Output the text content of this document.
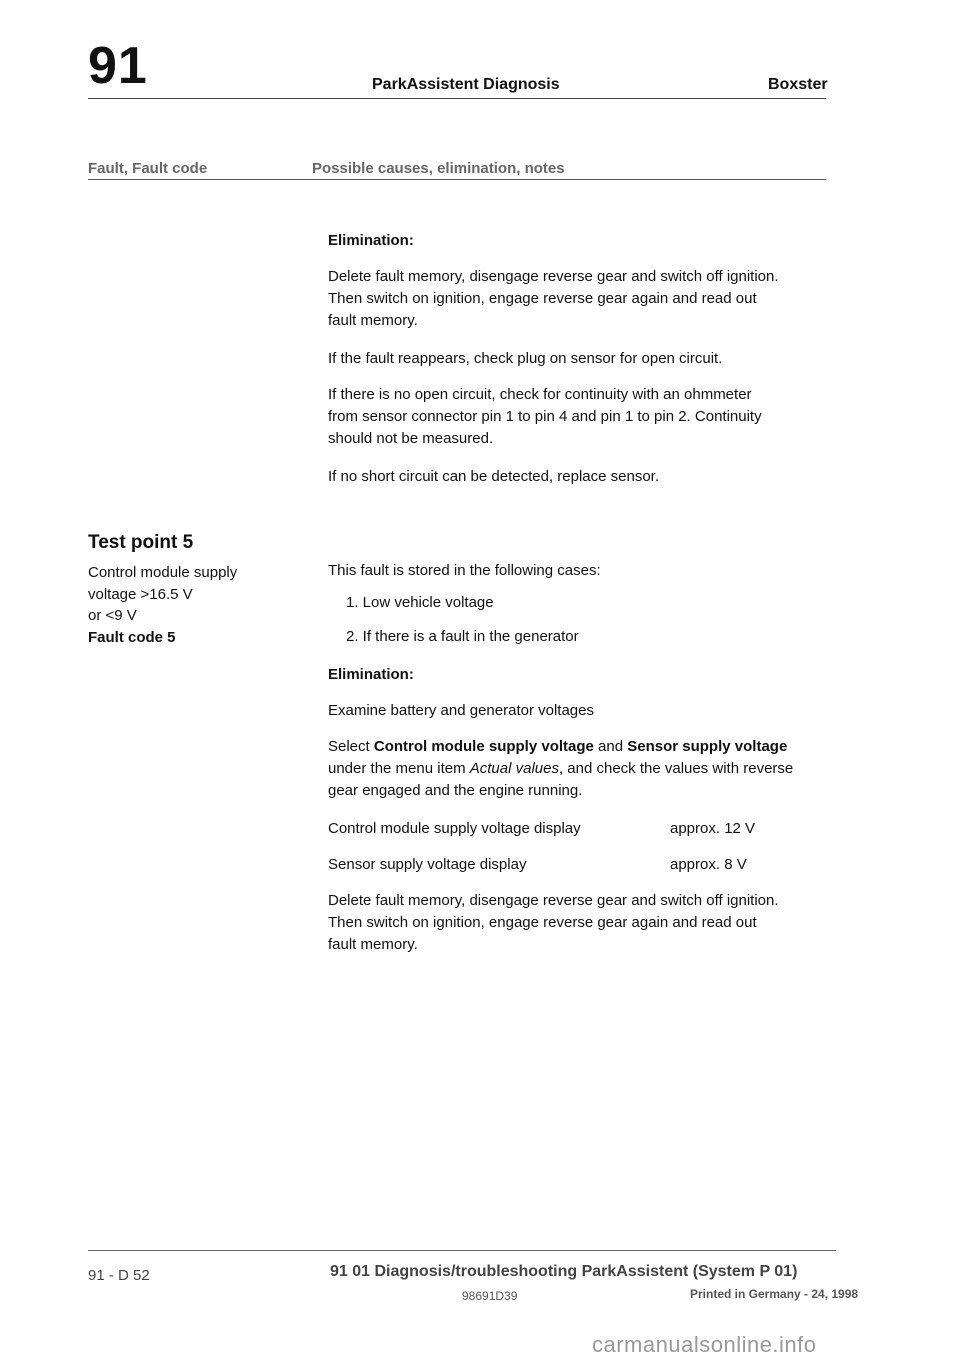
91	ParkAssistent Diagnosis	Boxster
Fault, Fault code	Possible causes, elimination, notes
Elimination:
Delete fault memory, disengage reverse gear and switch off ignition.
Then switch on ignition, engage reverse gear again and read out
fault memory.
If the fault reappears, check plug on sensor for open circuit.
If there is no open circuit, check for continuity with an ohmmeter
from sensor connector pin 1 to pin 4 and pin 1 to pin 2. Continuity
should not be measured.
If no short circuit can be detected, replace sensor.
Test point 5
Control module supply
voltage >16.5 V
or <9 V
Fault code 5
This fault is stored in the following cases:
1. Low vehicle voltage
2. If there is a fault in the generator
Elimination:
Examine battery and generator voltages
Select Control module supply voltage and Sensor supply voltage
under the menu item Actual values, and check the values with reverse
gear engaged and the engine running.
Control module supply voltage display	approx. 12 V
Sensor supply voltage display	approx. 8 V
Delete fault memory, disengage reverse gear and switch off ignition.
Then switch on ignition, engage reverse gear again and read out
fault memory.
91 - D 52	91 01 Diagnosis/troubleshooting ParkAssistent (System P 01)
98691D39	Printed in Germany - 24, 1998
carmanualsonline.info
